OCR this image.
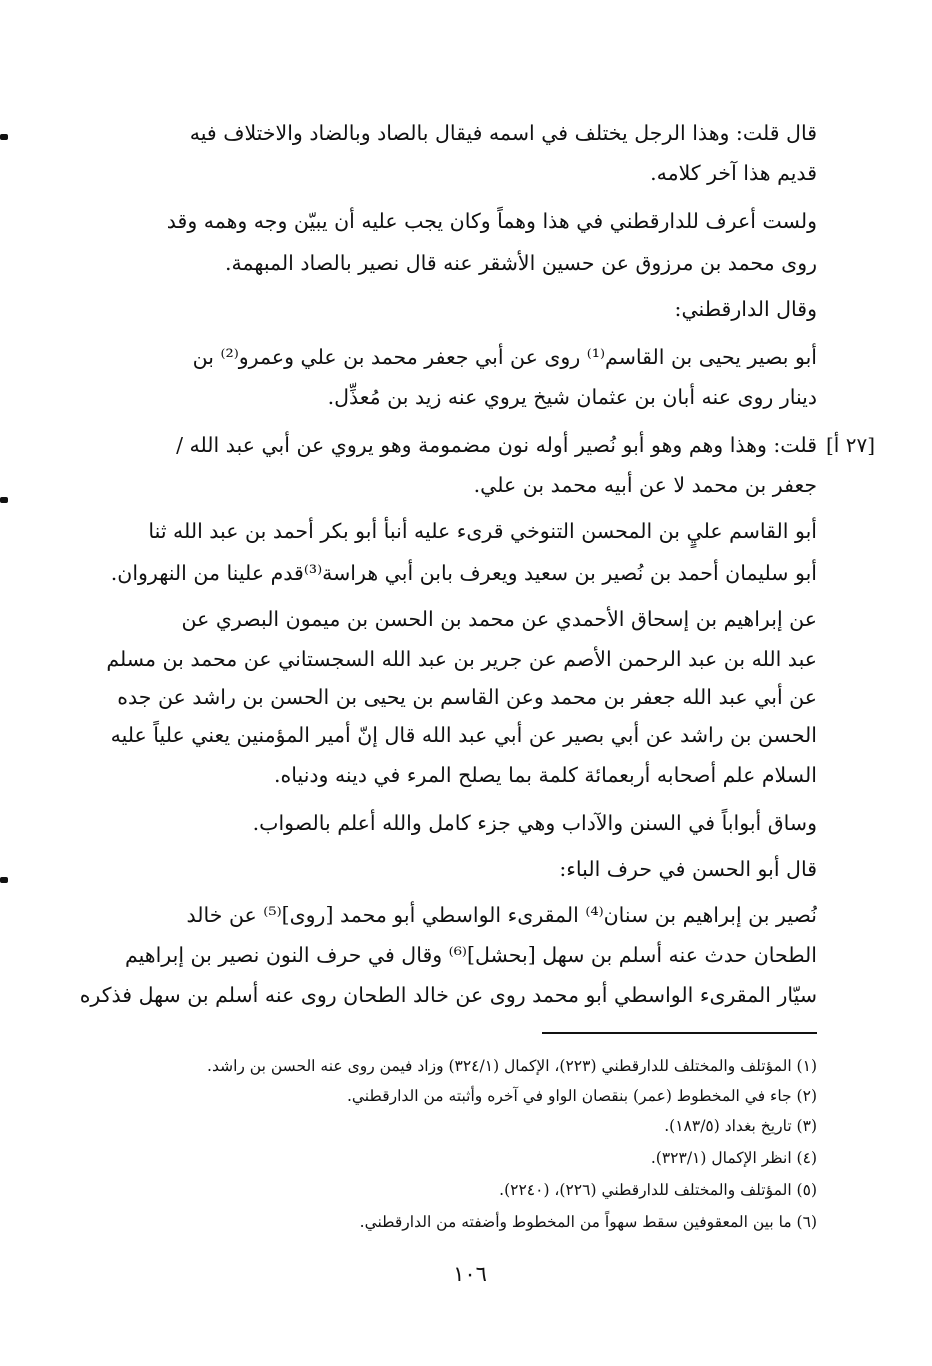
قال قلت: وهذا الرجل يختلف في اسمه فيقال بالصاد وبالضاد والاختلاف فيه
قديم هذا آخر كلامه.
ولست أعرف للدارقطني في هذا وهماً وكان يجب عليه أن يبيّن وجه وهمه وقد
روى محمد بن مرزوق عن حسين الأشقر عنه قال نصير بالصاد المبهمة.
وقال الدارقطني:
أبو بصير يحيى بن القاسم⁽¹⁾ روى عن أبي جعفر محمد بن علي وعمرو⁽²⁾ بن
دينار روى عنه أبان بن عثمان شيخ يروي عنه زيد بن مُعذِّل.
[٢٧ أ]
قلت: وهذا وهم وهو أبو نُصير أوله نون مضمومة وهو يروي عن أبي عبد الله /
جعفر بن محمد لا عن أبيه محمد بن علي.
أبو القاسم عليٍ بن المحسن التنوخي قرىء عليه أنبأ أبو بكر أحمد بن عبد الله ثنا
أبو سليمان أحمد بن نُصير بن سعيد ويعرف بابن أبي هراسة⁽³⁾قدم علينا من النهروان.
عن إبراهيم بن إسحاق الأحمدي عن محمد بن الحسن بن ميمون البصري عن
عبد الله بن عبد الرحمن الأصم عن جرير بن عبد الله السجستاني عن محمد بن مسلم
عن أبي عبد الله جعفر بن محمد وعن القاسم بن يحيى بن الحسن بن راشد عن جده
الحسن بن راشد عن أبي بصير عن أبي عبد الله قال إنّ أمير المؤمنين يعني علياً عليه
السلام علم أصحابه أربعمائة كلمة بما يصلح المرء في دينه ودنياه.
وساق أبواباً في السنن والآداب وهي جزء كامل والله أعلم بالصواب.
قال أبو الحسن في حرف الباء:
نُصير بن إبراهيم بن سنان⁽⁴⁾ المقرىء الواسطي أبو محمد [روى]⁽⁵⁾ عن خالد
الطحان حدث عنه أسلم بن سهل [بحشل]⁽⁶⁾ وقال في حرف النون نصير بن إبراهيم
سيّار المقرىء الواسطي أبو محمد روى عن خالد الطحان روى عنه أسلم بن سهل فذكره
(١) المؤتلف والمختلف للدارقطني (٢٢٣)، الإكمال (٣٢٤/١) وزاد فيمن روى عنه الحسن بن راشد.
(٢) جاء في المخطوط (عمر) بنقصان الواو في آخره وأثبته من الدارقطني.
(٣) تاريخ بغداد (١٨٣/٥).
(٤) انظر الإكمال (٣٢٣/١).
(٥) المؤتلف والمختلف للدارقطني (٢٢٦)، (٢٢٤٠).
(٦) ما بين المعقوفين سقط سهواً من المخطوط وأضفته من الدارقطني.
١٠٦
